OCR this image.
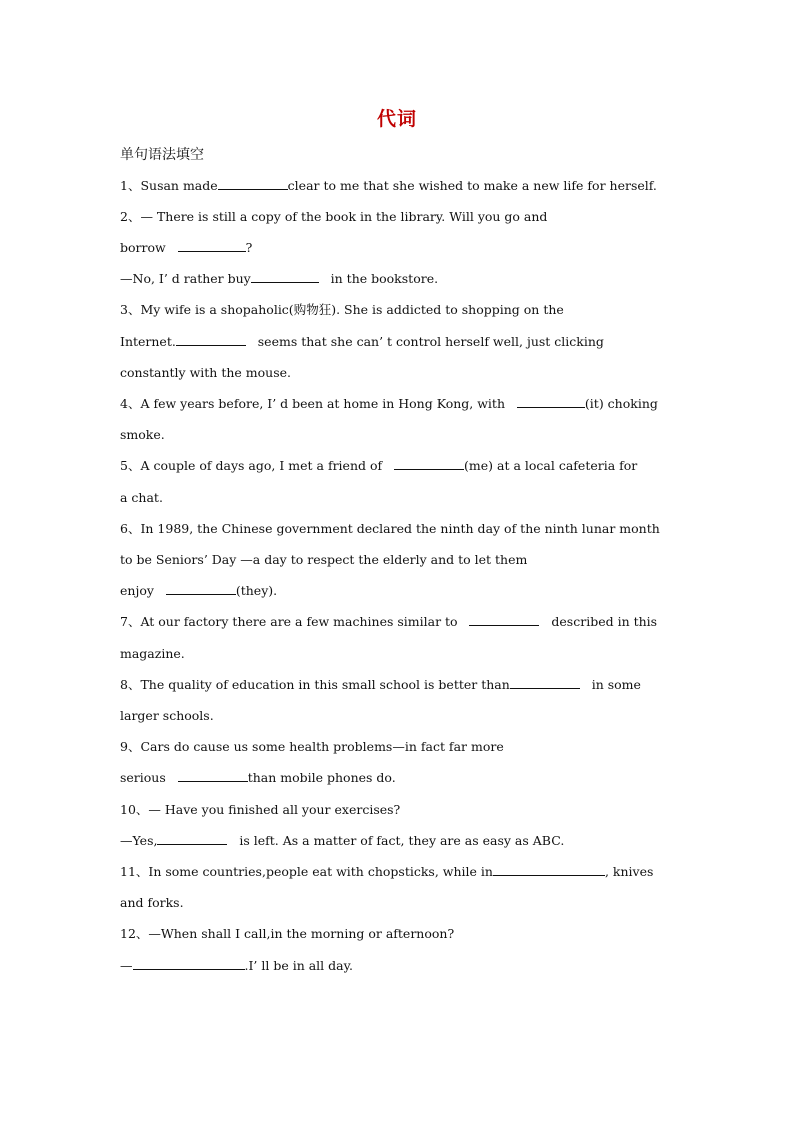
代词
单句语法填空
1、Susan made	clear to me that she wished to make a new life for herself.
2、— There is still a copy of the book in the library. Will you go and
borrow	?
—No, I’ d rather buy	in the bookstore.
3、My wife is a shopaholic(购物狂). She is addicted to shopping on the
Internet.	seems that she can’ t control herself well, just clicking
constantly with the mouse.
4、A few years before, I’ d been at home in Hong Kong, with	(it) choking
smoke.
5、A couple of days ago, I met a friend of	(me) at a local cafeteria for
a chat.
6、In 1989, the Chinese government declared the ninth day of the ninth lunar month
to be Seniors’ Day —a day to respect the elderly and to let them
enjoy	(they).
7、At our factory there are a few machines similar to	described in this
magazine.
8、The quality of education in this small school is better than	in some
larger schools.
9、Cars do cause us some health problems—in fact far more
serious	than mobile phones do.
10、— Have you finished all your exercises?
—Yes,	is left. As a matter of fact, they are as easy as ABC.
11、In some countries,people eat with chopsticks, while in	, knives
and forks.
12、—When shall I call,in the morning or afternoon?
—	.I’ ll be in all day.
